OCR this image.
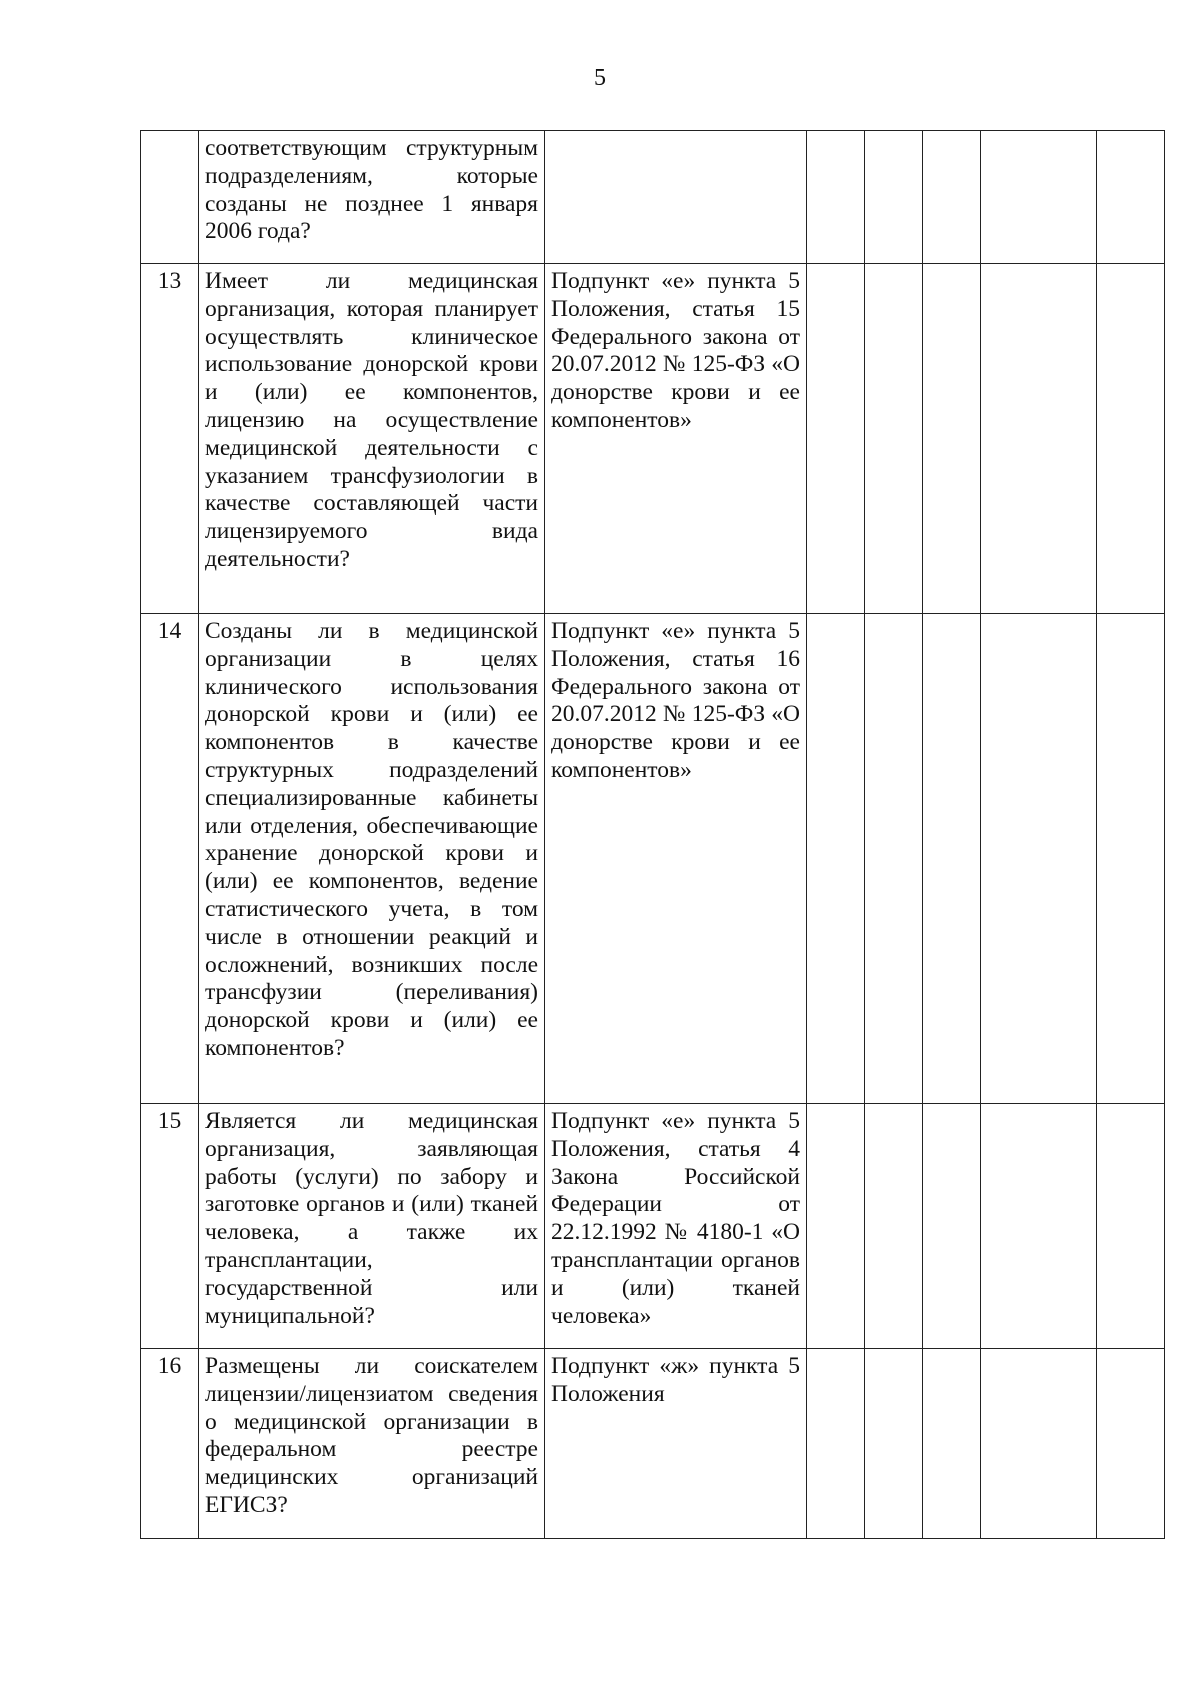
5
	соответствующим структурным подразделениям, которые созданы не позднее 1 января 2006 года?						
13	Имеет ли медицинская организация, которая планирует осуществлять клиническое использование донорской крови и (или) ее компонентов, лицензию на осуществление медицинской деятельности с указанием трансфузиологии в качестве составляющей части лицензируемого вида деятельности?	Подпункт «е» пункта 5 Положения, статья 15 Федерального закона от 20.07.2012 № 125-ФЗ «О донорстве крови и ее компонентов»					
14	Созданы ли в медицинской организации в целях клинического использования донорской крови и (или) ее компонентов в качестве структурных подразделений специализированные кабинеты или отделения, обеспечивающие хранение донорской крови и (или) ее компонентов, ведение статистического учета, в том числе в отношении реакций и осложнений, возникших после трансфузии (переливания) донорской крови и (или) ее компонентов?	Подпункт «е» пункта 5 Положения, статья 16 Федерального закона от 20.07.2012 № 125-ФЗ «О донорстве крови и ее компонентов»					
15	Является ли медицинская организация, заявляющая работы (услуги) по забору и заготовке органов и (или) тканей человека, а также их трансплантации, государственной или муниципальной?	Подпункт «е» пункта 5 Положения, статья 4 Закона Российской Федерации от 22.12.1992 № 4180-1 «О трансплантации органов и (или) тканей человека»					
16	Размещены ли соискателем лицензии/лицензиатом сведения о медицинской организации в федеральном реестре медицинских организаций ЕГИСЗ?	Подпункт «ж» пункта 5 Положения					
